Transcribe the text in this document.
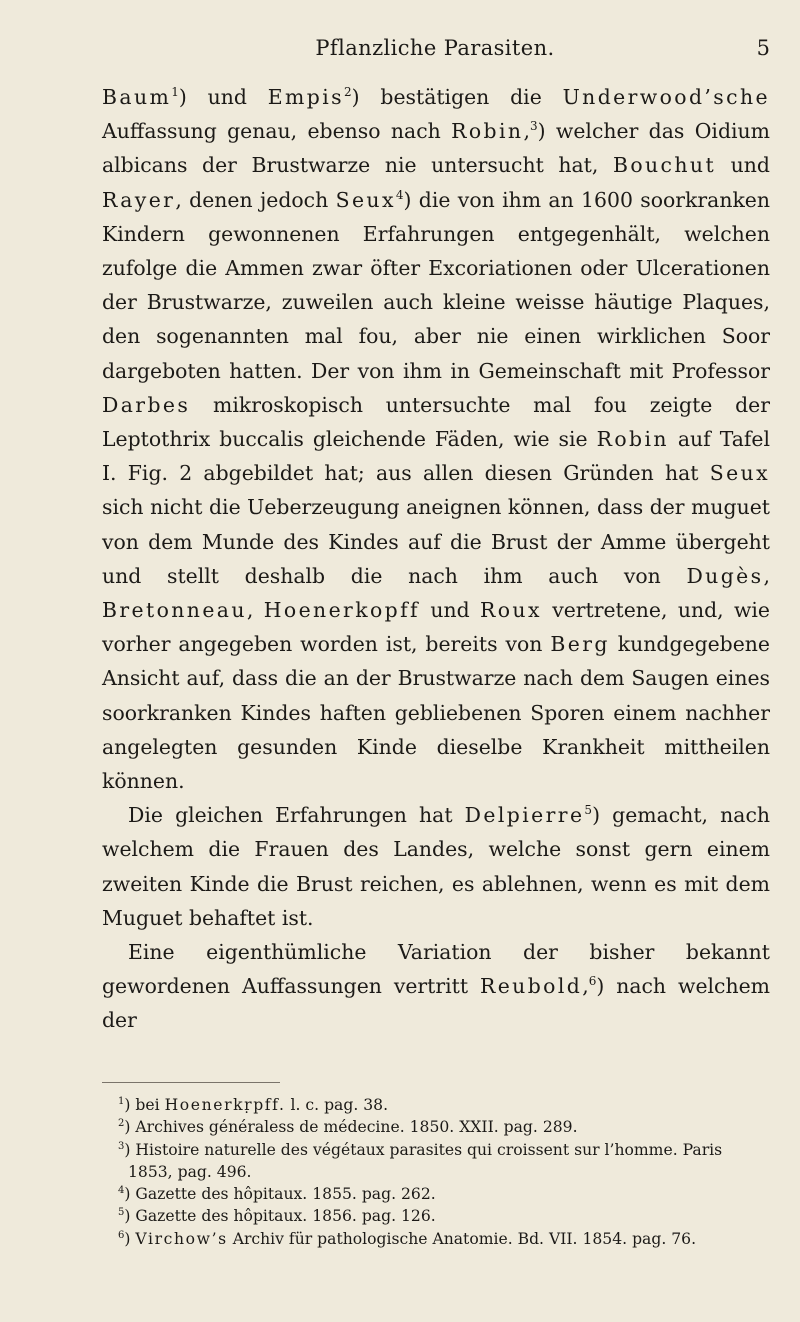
Pflanzliche Parasiten.	5

Baum$^1$) und Empis$^2$) bestätigen die Underwood’sche Auffassung genau, ebenso nach Robin,$^3$) welcher das Oidium albicans der Brustwarze nie untersucht hat, Bouchut und Rayer, denen jedoch Seux$^4$) die von ihm an 1600 soorkranken Kindern gewonnenen Erfahrungen entgegenhält, welchen zufolge die Ammen zwar öfter Excoriationen oder Ulcerationen der Brustwarze, zuweilen auch kleine weisse häutige Plaques, den sogenannten mal fou, aber nie einen wirklichen Soor dargeboten hatten. Der von ihm in Gemeinschaft mit Professor Darbes mikroskopisch untersuchte mal fou zeigte der Leptothrix buccalis gleichende Fäden, wie sie Robin auf Tafel I. Fig. 2 abgebildet hat; aus allen diesen Gründen hat Seux sich nicht die Ueberzeugung aneignen können, dass der muguet von dem Munde des Kindes auf die Brust der Amme übergeht und stellt deshalb die nach ihm auch von Dugès, Bretonneau, Hoenerkopff und Roux vertretene, und, wie vorher angegeben worden ist, bereits von Berg kundgegebene Ansicht auf, dass die an der Brustwarze nach dem Saugen eines soorkranken Kindes haften gebliebenen Sporen einem nachher angelegten gesunden Kinde dieselbe Krankheit mittheilen können.

Die gleichen Erfahrungen hat Delpierre$^5$) gemacht, nach welchem die Frauen des Landes, welche sonst gern einem zweiten Kinde die Brust reichen, es ablehnen, wenn es mit dem Muguet behaftet ist.

Eine eigenthümliche Variation der bisher bekannt gewordenen Auffassungen vertritt Reubold,$^6$) nach welchem der

$^1$) bei Hoenerkṛpff. l. c. pag. 38.

$^2$) Archives généraless de médecine. 1850. XXII. pag. 289.

$^3$) Histoire naturelle des végétaux parasites qui croissent sur l’homme. Paris 1853, pag. 496.

$^4$) Gazette des hôpitaux. 1855. pag. 262.

$^5$) Gazette des hôpitaux. 1856. pag. 126.

$^6$) Virchow’s Archiv für pathologische Anatomie. Bd. VII. 1854. pag. 76.
